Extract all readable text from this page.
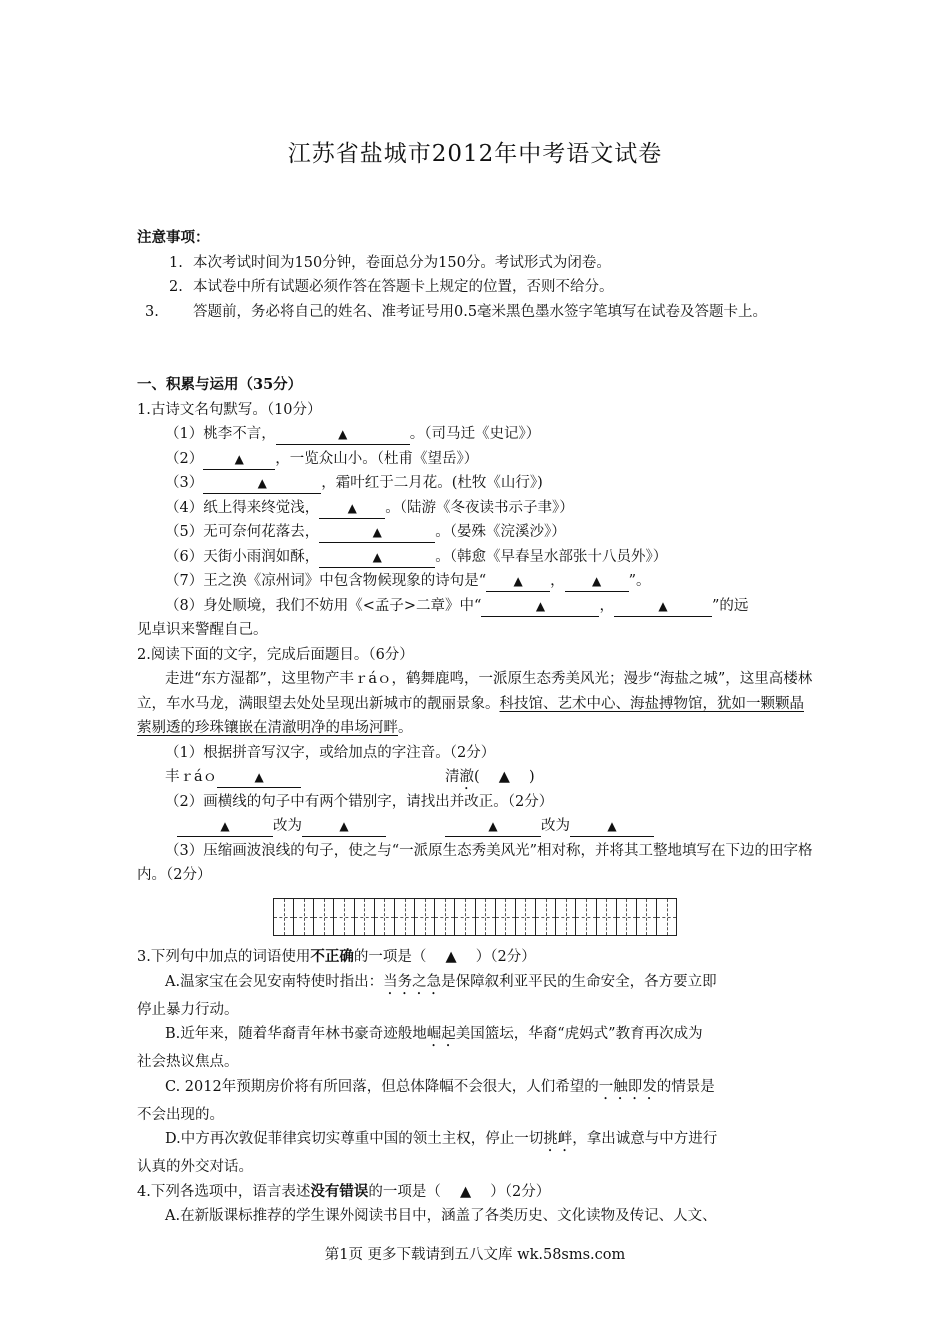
江苏省盐城市2012年中考语文试卷
注意事项：
1. 本次考试时间为150分钟，卷面总分为150分。考试形式为闭卷。
2. 本试卷中所有试题必须作答在答题卡上规定的位置，否则不给分。
3. 答题前，务必将自己的姓名、准考证号用0.5毫米黑色墨水签字笔填写在试卷及答题卡上。
一、积累与运用（35分）
1.古诗文名句默写。（10分）
（1）桃李不言，	▲	。（司马迁《史记》）
（2）	▲ ，一览众山小。（杜甫《望岳》）
（3）	▲	，霜叶红于二月花。(杜牧《山行》)
（4）纸上得来终觉浅， ▲ 。（陆游《冬夜读书示子聿》）
（5）无可奈何花落去，	▲	。（晏殊《浣溪沙》）
（6）天街小雨润如酥，	▲	。（韩愈《早春呈水部张十八员外》）
（7）王之涣《凉州词》中包含物候现象的诗句是“ ▲ ， ▲ ”。
（8）身处顺境，我们不妨用《<孟子>二章》中“	▲	，	▲	”的远
见卓识来警醒自己。
2.阅读下面的文字，完成后面题目。（6分）
走进“东方湿都”，这里物产丰ｒáｏ，鹤舞鹿鸣，一派原生态秀美风光；漫步“海盐之城”，这里高楼林立，车水马龙，满眼望去处处呈现出新城市的靓丽景象。科技馆、艺术中心、海盐搏物馆，犹如一颗颗晶萦剔透的珍珠镶嵌在清澈明净的串场河畔。
（1）根据拼音写汉字，或给加点的字注音。（2分）
丰ｒáｏ	▲	清澈(　 ▲　 )
（2）画横线的句子中有两个错别字，请找出并改正。（2分）
▲	改为	▲	▲	改为	▲
（3）压缩画波浪线的句子，使之与“一派原生态秀美风光”相对称，并将其工整地填写在下边的田字格内。（2分）
3.下列句中加点的词语使用不正确的一项是（　 ▲　 ）（2分）
A.温家宝在会见安南特使时指出：当务之急是保障叙利亚平民的生命安全，各方要立即
停止暴力行动。
B.近年来，随着华裔青年林书豪奇迹般地崛起美国篮坛，华裔“虎妈式”教育再次成为
社会热议焦点。
C. 2012年预期房价将有所回落，但总体降幅不会很大，人们希望的一触即发的情景是
不会出现的。
D.中方再次敦促菲律宾切实尊重中国的领土主权，停止一切挑衅，拿出诚意与中方进行
认真的外交对话。
4.下列各选项中，语言表述没有错误的一项是（　 ▲　 ）（2分）
A.在新版课标推荐的学生课外阅读书目中，涵盖了各类历史、文化读物及传记、人文、
第1页 更多下载请到五八文库 wk.58sms.com
